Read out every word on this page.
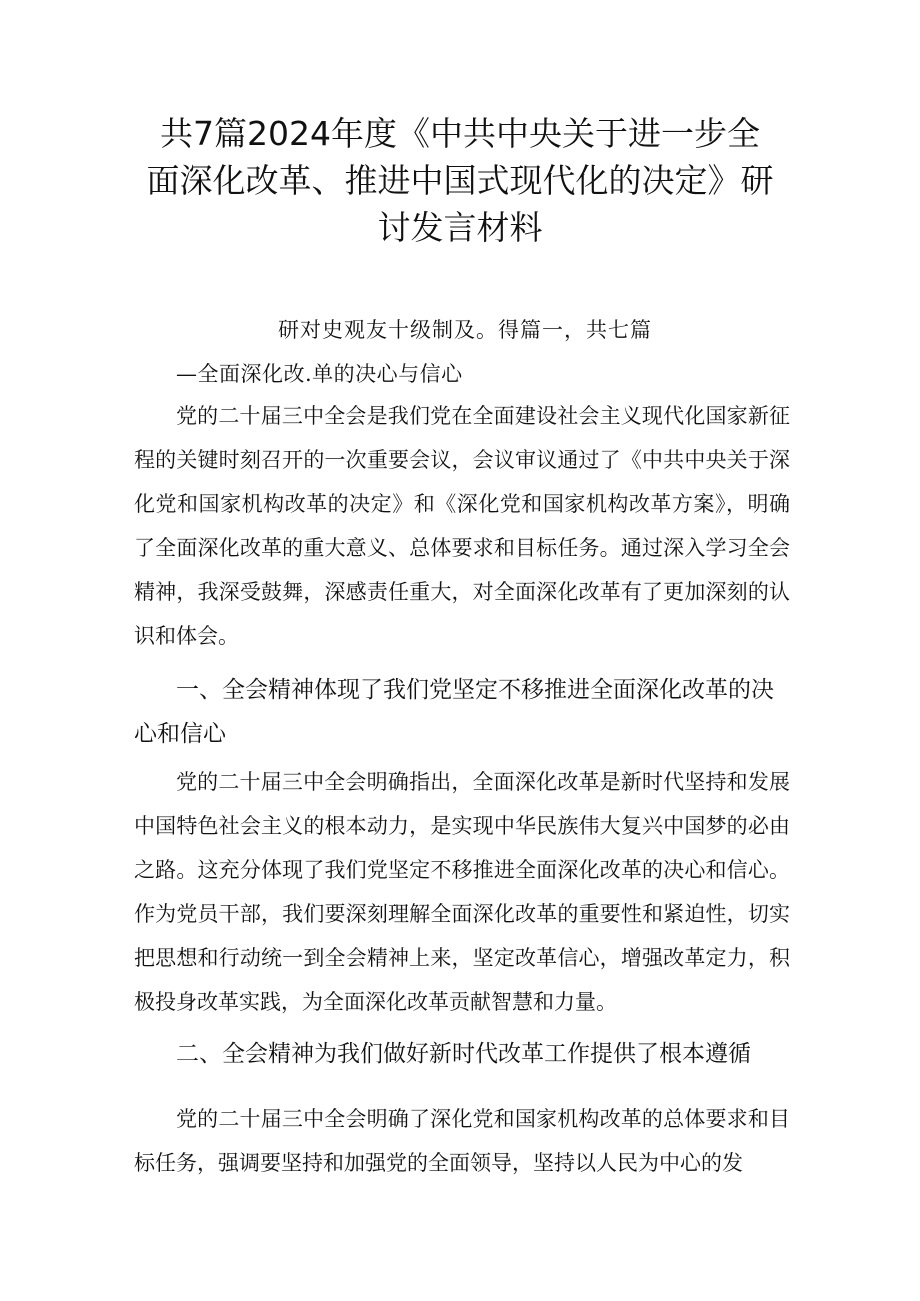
共7篇2024年度《中共中央关于进一步全
面深化改革、推进中国式现代化的决定》研
讨发言材料
研对史观友十级制及。得篇一，共七篇
—全面深化改.单的决心与信心

党的二十届三中全会是我们党在全面建设社会主义现代化国家新征程的关键时刻召开的一次重要会议，会议审议通过了《中共中央关于深化党和国家机构改革的决定》和《深化党和国家机构改革方案》，明确了全面深化改革的重大意义、总体要求和目标任务。通过深入学习全会精神，我深受鼓舞，深感责任重大，对全面深化改革有了更加深刻的认识和体会。

一、全会精神体现了我们党坚定不移推进全面深化改革的决心和信心

党的二十届三中全会明确指出，全面深化改革是新时代坚持和发展中国特色社会主义的根本动力，是实现中华民族伟大复兴中国梦的必由之路。这充分体现了我们党坚定不移推进全面深化改革的决心和信心。作为党员干部，我们要深刻理解全面深化改革的重要性和紧迫性，切实把思想和行动统一到全会精神上来，坚定改革信心，增强改革定力，积极投身改革实践，为全面深化改革贡献智慧和力量。

二、全会精神为我们做好新时代改革工作提供了根本遵循

党的二十届三中全会明确了深化党和国家机构改革的总体要求和目标任务，强调要坚持和加强党的全面领导，坚持以人民为中心的发
